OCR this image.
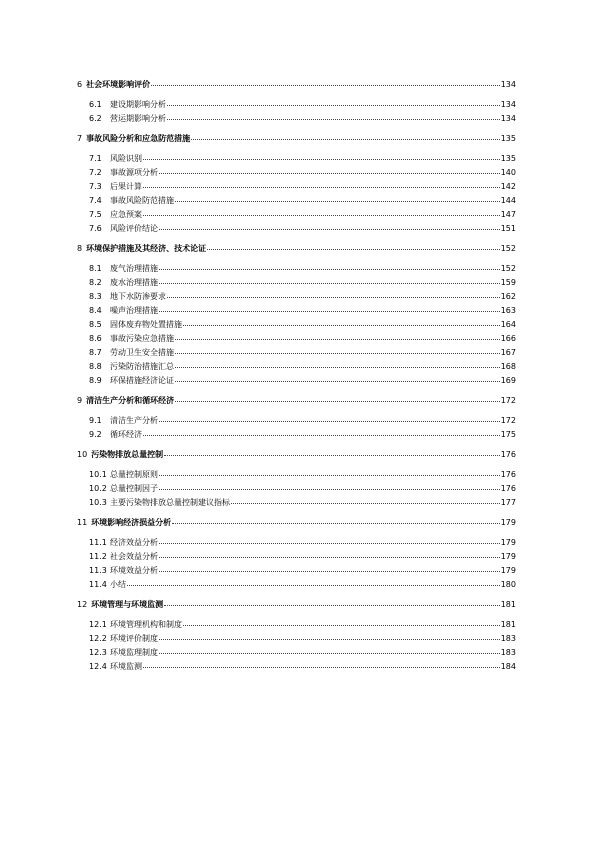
6 社会环境影响评价	134
6.1	建设期影响分析	134
6.2	营运期影响分析	134
7 事故风险分析和应急防范措施	135
7.1	风险识别	135
7.2	事故源项分析	140
7.3	后果计算	142
7.4	事故风险防范措施	144
7.5	应急预案	147
7.6	风险评价结论	151
8 环境保护措施及其经济、技术论证	152
8.1	废气治理措施	152
8.2	废水治理措施	159
8.3	地下水防渗要求	162
8.4	噪声治理措施	163
8.5	固体废弃物处置措施	164
8.6	事故污染应急措施	166
8.7	劳动卫生安全措施	167
8.8	污染防治措施汇总	168
8.9	环保措施经济论证	169
9 清洁生产分析和循环经济	172
9.1	清洁生产分析	172
9.2	循环经济	175
10 污染物排放总量控制	176
10.1 总量控制原则	176
10.2 总量控制因子	176
10.3 主要污染物排放总量控制建议指标	177
11 环境影响经济损益分析	179
11.1 经济效益分析	179
11.2 社会效益分析	179
11.3 环境效益分析	179
11.4 小结	180
12 环境管理与环境监测	181
12.1 环境管理机构和制度	181
12.2 环境评价制度	183
12.3 环境监理制度	183
12.4 环境监测	184
